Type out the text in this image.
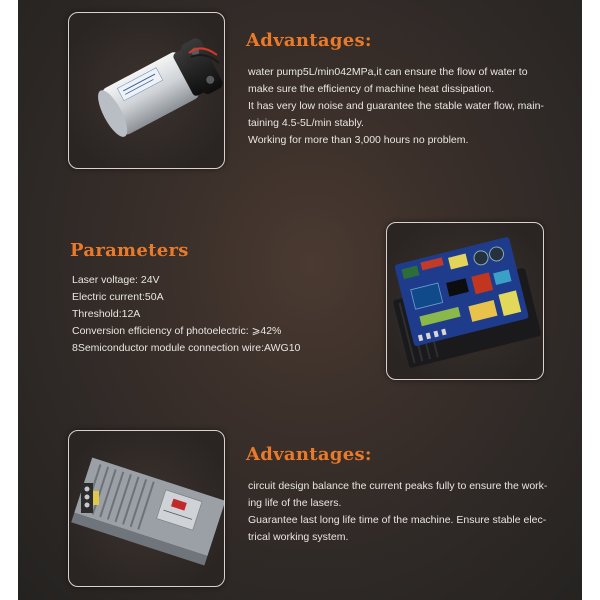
Advantages:

water pump5L/min042MPa,it can ensure the flow of water to

make sure the efficiency of machine heat dissipation.

It has very low noise and guarantee the stable water flow, main-

taining 4.5-5L/min stably.

Working for more than 3,000 hours no problem.

Parameters

Laser voltage: 24V

Electric current:50A

Threshold:12A

Conversion efficiency of photoelectric: ⩾42%

8Semiconductor module connection wire:AWG10

Advantages:

circuit design balance the current peaks fully to ensure the work-

ing life of the lasers.

Guarantee last long life time of the machine. Ensure stable elec-

trical working system.
